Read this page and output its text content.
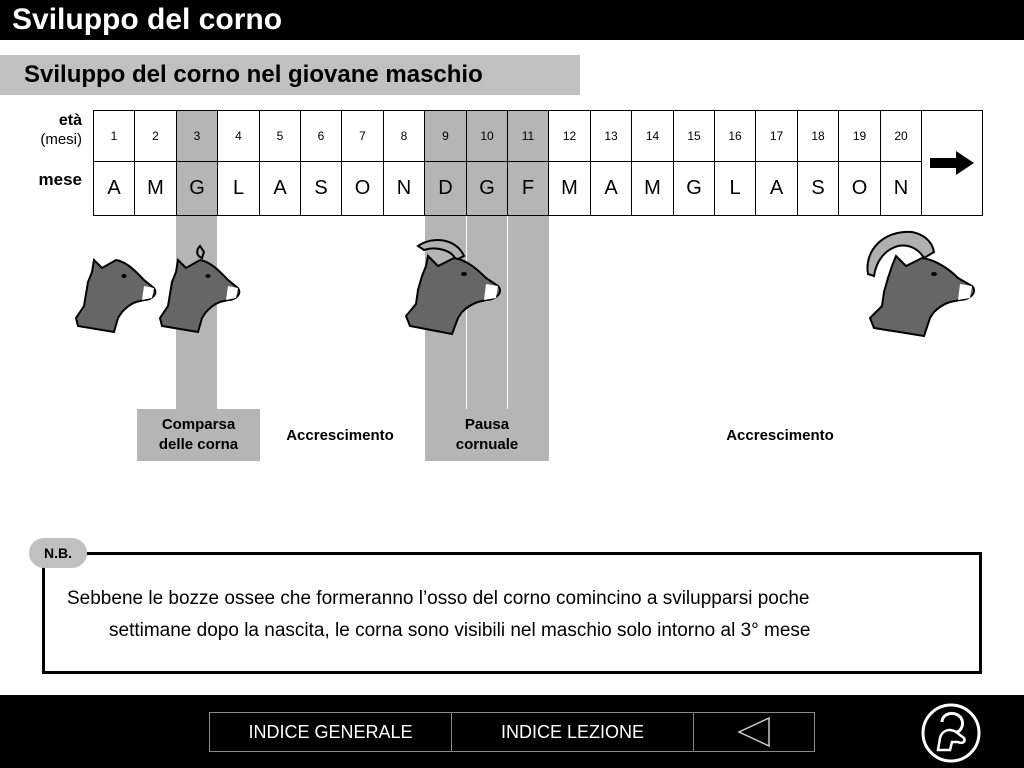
Sviluppo del corno
Sviluppo del corno nel giovane maschio
età
(mesi)
mese
1
A
2
M
3
G
4
L
5
A
6
S
7
O
8
N
9
D
10
G
11
F
12
M
13
A
14
M
15
G
16
L
17
A
18
S
19
O
20
N
Comparsa delle corna
Accrescimento
Pausa cornuale
Accrescimento
Sebbene le bozze ossee che formeranno l’osso del corno comincino a svilupparsi poche
settimane dopo la nascita, le corna sono visibili nel maschio solo intorno al 3° mese
N.B.
INDICE GENERALE	INDICE LEZIONE
